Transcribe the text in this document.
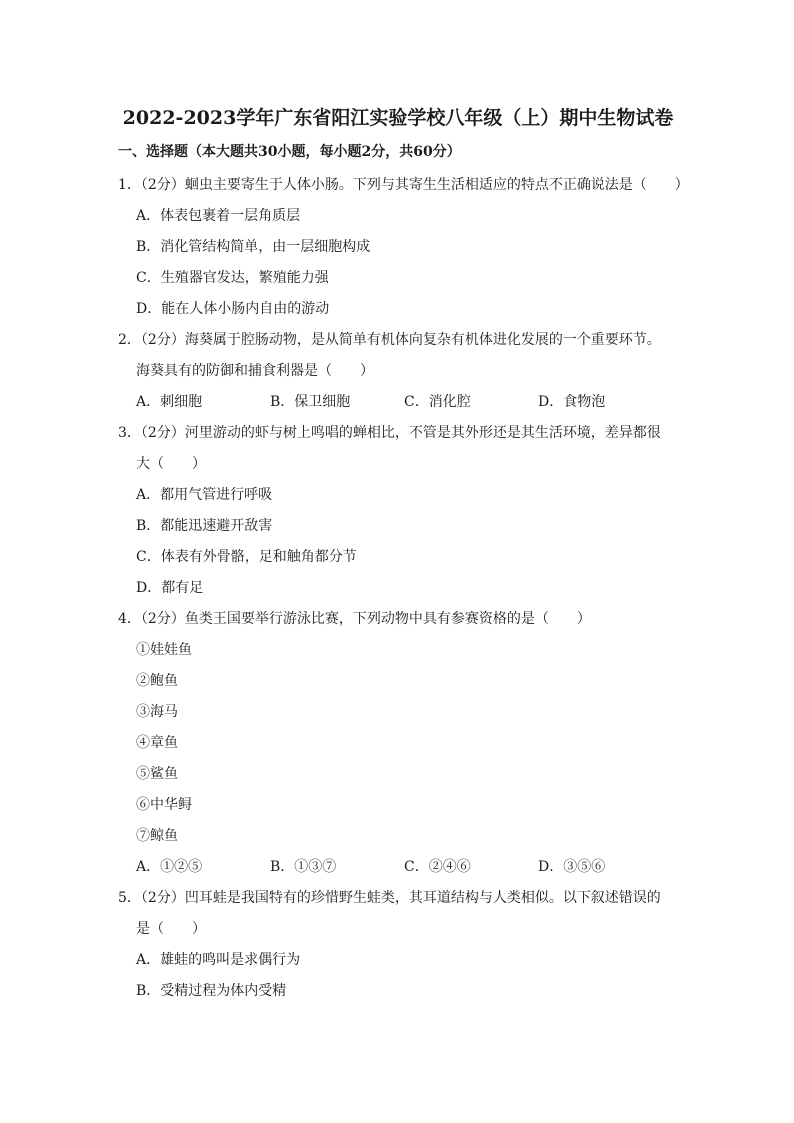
2022-2023学年广东省阳江实验学校八年级（上）期中生物试卷
一、选择题（本大题共30小题，每小题2分，共60分）
1．（2分）蛔虫主要寄生于人体小肠。下列与其寄生生活相适应的特点不正确说法是（　　）
A．体表包裹着一层角质层
B．消化管结构简单，由一层细胞构成
C．生殖器官发达，繁殖能力强
D．能在人体小肠内自由的游动
2．（2分）海葵属于腔肠动物，是从简单有机体向复杂有机体进化发展的一个重要环节。
海葵具有的防御和捕食利器是（　　）
A．刺细胞	B．保卫细胞	C．消化腔	D．食物泡
3．（2分）河里游动的虾与树上鸣唱的蝉相比，不管是其外形还是其生活环境，差异都很
大（　　）
A．都用气管进行呼吸
B．都能迅速避开敌害
C．体表有外骨骼，足和触角都分节
D．都有足
4．（2分）鱼类王国要举行游泳比赛，下列动物中具有参赛资格的是（　　）
①娃娃鱼
②鲍鱼
③海马
④章鱼
⑤鲨鱼
⑥中华鲟
⑦鲸鱼
A．①②⑤	B．①③⑦	C．②④⑥	D．③⑤⑥
5．（2分）凹耳蛙是我国特有的珍惜野生蛙类，其耳道结构与人类相似。以下叙述错误的
是（　　）
A．雄蛙的鸣叫是求偶行为
B．受精过程为体内受精
